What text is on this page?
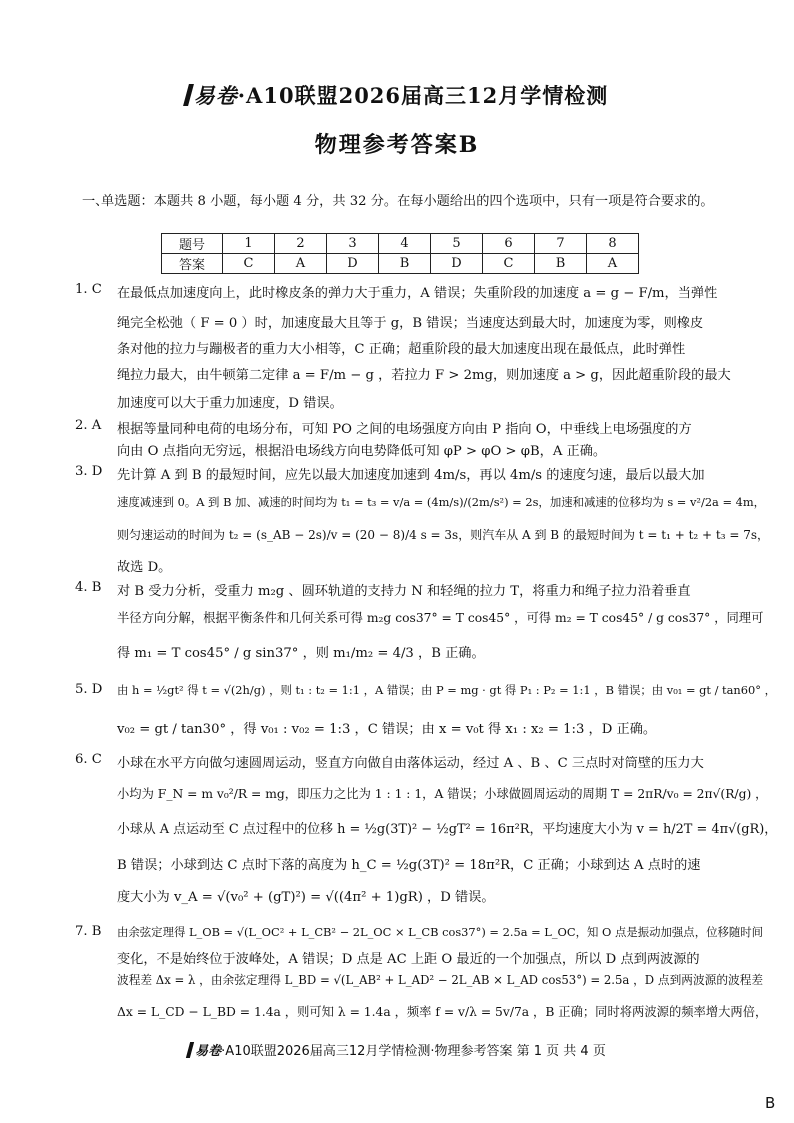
易卷·A10联盟2026届高三12月学情检测
物理参考答案B
一、
单选题：本题共 8 小题，每小题 4 分，共 32 分。在每小题给出的四个选项中，只有一项是符合要求的。
题号	1	2	3	4	5	6	7	8
答案	C	A	D	B	D	C	B	A
1. C	在最低点加速度向上，此时橡皮条的弹力大于重力，A 错误；失重阶段的加速度 a = g − F/m，当弹性
绳完全松弛（ F = 0 ）时，加速度最大且等于 g，B 错误；当速度达到最大时，加速度为零，则橡皮
条对他的拉力与蹦极者的重力大小相等，C 正确；超重阶段的最大加速度出现在最低点，此时弹性
绳拉力最大，由牛顿第二定律 a = F/m − g ，若拉力 F > 2mg，则加速度 a > g，因此超重阶段的最大
加速度可以大于重力加速度，D 错误。
2. A	根据等量同种电荷的电场分布，可知 PO 之间的电场强度方向由 P 指向 O，中垂线上电场强度的方
向由 O 点指向无穷远，根据沿电场线方向电势降低可知 φP > φO > φB，A 正确。
3. D	先计算 A 到 B 的最短时间，应先以最大加速度加速到 4m/s，再以 4m/s 的速度匀速，最后以最大加
速度减速到 0。A 到 B 加、减速的时间均为 t₁ = t₃ = v/a = (4m/s)/(2m/s²) = 2s，加速和减速的位移均为 s = v²/2a = 4m，
则匀速运动的时间为 t₂ = (s_AB − 2s)/v = (20 − 8)/4 s = 3s，则汽车从 A 到 B 的最短时间为 t = t₁ + t₂ + t₃ = 7s，
故选 D。
4. B	对 B 受力分析，受重力 m₂g 、圆环轨道的支持力 N 和轻绳的拉力 T，将重力和绳子拉力沿着垂直
半径方向分解，根据平衡条件和几何关系可得 m₂g cos37° = T cos45° ，可得 m₂ = T cos45° / g cos37° ，同理可
得 m₁ = T cos45° / g sin37° ，则 m₁/m₂ = 4/3 ，B 正确。
5. D	由 h = ½gt² 得 t = √(2h/g) ，则 t₁ : t₂ = 1:1 ，A 错误；由 P = mg · gt 得 P₁ : P₂ = 1:1 ，B 错误；由 v₀₁ = gt / tan60° ，
v₀₂ = gt / tan30° ，得 v₀₁ : v₀₂ = 1:3 ，C 错误；由 x = v₀t 得 x₁ : x₂ = 1:3 ，D 正确。
6. C	小球在水平方向做匀速圆周运动，竖直方向做自由落体运动，经过 A 、B 、C 三点时对筒壁的压力大
小均为 F_N = m v₀²/R = mg，即压力之比为 1 : 1 : 1，A 错误；小球做圆周运动的周期 T = 2πR/v₀ = 2π√(R/g) ，
小球从 A 点运动至 C 点过程中的位移 h = ½g(3T)² − ½gT² = 16π²R，平均速度大小为 v = h/2T = 4π√(gR)，
B 错误；小球到达 C 点时下落的高度为 h_C = ½g(3T)² = 18π²R，C 正确；小球到达 A 点时的速
度大小为 v_A = √(v₀² + (gT)²) = √((4π² + 1)gR) ，D 错误。
7. B	由余弦定理得 L_OB = √(L_OC² + L_CB² − 2L_OC × L_CB cos37°) = 2.5a = L_OC，知 O 点是振动加强点，位移随时间
变化，不是始终位于波峰处，A 错误；D 点是 AC 上距 O 最近的一个加强点，所以 D 点到两波源的
波程差 Δx = λ ，由余弦定理得 L_BD = √(L_AB² + L_AD² − 2L_AB × L_AD cos53°) = 2.5a ，D 点到两波源的波程差
Δx = L_CD − L_BD = 1.4a ，则可知 λ = 1.4a ，频率 f = v/λ = 5v/7a ，B 正确；同时将两波源的频率增大两倍，
易卷·A10联盟2026届高三12月学情检测·物理参考答案 第 1 页 共 4 页
B
